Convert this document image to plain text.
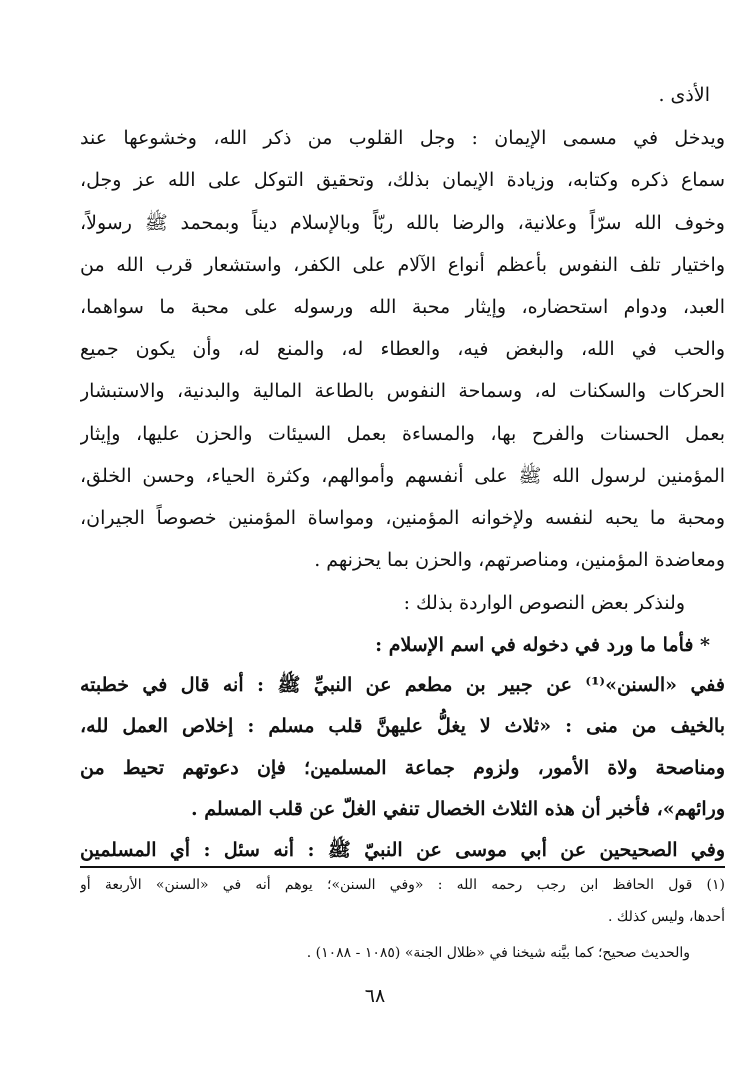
الأذى .
ويدخل في مسمى الإيمان : وجل القلوب من ذكر الله، وخشوعها عند
سماع ذكره وكتابه، وزيادة الإيمان بذلك، وتحقيق التوكل على الله عز وجل،
وخوف الله سرّاً وعلانية، والرضا بالله ربّاً وبالإسلام ديناً وبمحمد ﷺ رسولاً،
واختيار تلف النفوس بأعظم أنواع الآلام على الكفر، واستشعار قرب الله من
العبد، ودوام استحضاره، وإيثار محبة الله ورسوله على محبة ما سواهما،
والحب في الله، والبغض فيه، والعطاء له، والمنع له، وأن يكون جميع
الحركات والسكنات له، وسماحة النفوس بالطاعة المالية والبدنية، والاستبشار
بعمل الحسنات والفرح بها، والمساءة بعمل السيئات والحزن عليها، وإيثار
المؤمنين لرسول الله ﷺ على أنفسهم وأموالهم، وكثرة الحياء، وحسن الخلق،
ومحبة ما يحبه لنفسه ولإخوانه المؤمنين، ومواساة المؤمنين خصوصاً الجيران،
ومعاضدة المؤمنين، ومناصرتهم، والحزن بما يحزنهم .
ولنذكر بعض النصوص الواردة بذلك :
* فأما ما ورد في دخوله في اسم الإسلام :
ففي «السنن»⁽¹⁾ عن جبير بن مطعم عن النبيِّ ﷺ : أنه قال في خطبته
بالخيف من منى : «ثلاث لا يغلُّ عليهنَّ قلب مسلم : إخلاص العمل لله،
ومناصحة ولاة الأمور، ولزوم جماعة المسلمين؛ فإن دعوتهم تحيط من
ورائهم»، فأخبر أن هذه الثلاث الخصال تنفي الغلّ عن قلب المسلم .
وفي الصحيحين عن أبي موسى عن النبيّ ﷺ : أنه سئل : أي المسلمين
(١) قول الحافظ ابن رجب رحمه الله : «وفي السنن»؛ يوهم أنه في «السنن» الأربعة أو
أحدها، وليس كذلك .
والحديث صحيح؛ كما بيَّنه شيخنا في «ظلال الجنة» (١٠٨٥ - ١٠٨٨) .
٦٨
